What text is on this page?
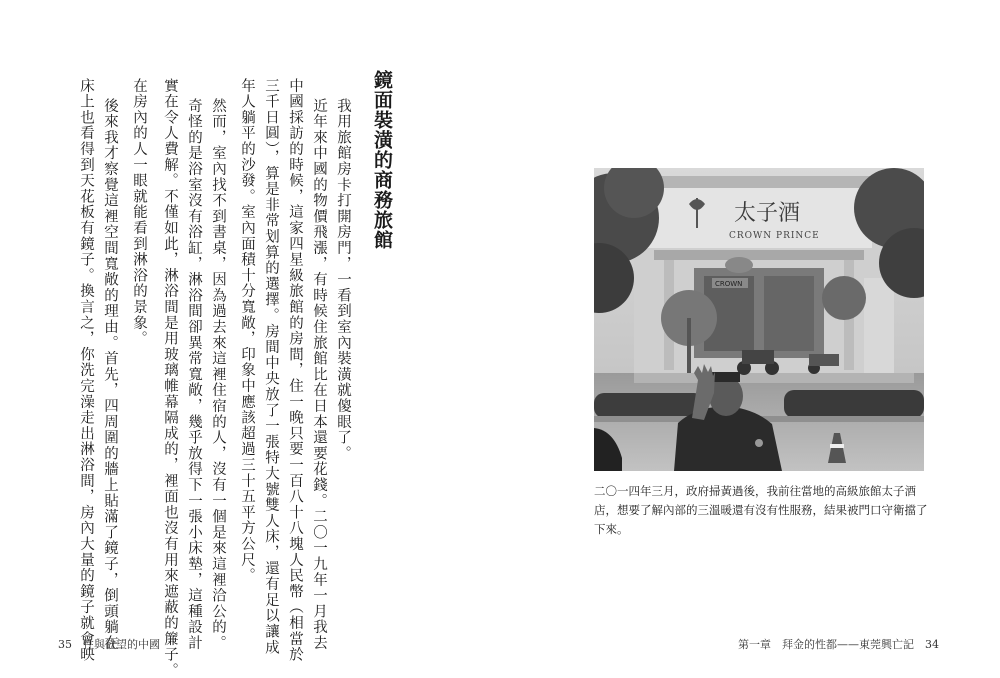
鏡面裝潢的商務旅館
我用旅館房卡打開房門，一看到室內裝潢就傻眼了。
近年來中國的物價飛漲，有時候住旅館比在日本還要花錢。二〇一九年一月我去
中國採訪的時候，這家四星級旅館的房間，住一晚只要一百八十八塊人民幣（相當於
三千日圓），算是非常划算的選擇。房間中央放了一張特大號雙人床，還有足以讓成
年人躺平的沙發。室內面積十分寬敞，印象中應該超過三十五平方公尺。
然而，室內找不到書桌，因為過去來這裡住宿的人，沒有一個是來這裡洽公的。
奇怪的是浴室沒有浴缸，淋浴間卻異常寬敞，幾乎放得下一張小床墊，這種設計
實在令人費解。不僅如此，淋浴間是用玻璃帷幕隔成的，裡面也沒有用來遮蔽的簾子。
在房內的人一眼就能看到淋浴的景象。
後來我才察覺這裡空間寬敞的理由。首先，四周圍的牆上貼滿了鏡子，倒頭躺在
床上也看得到天花板有鏡子。換言之，你洗完澡走出淋浴間，房內大量的鏡子就會映
35　性與欲望的中國
太子酒
CROWN PRINCE
CROWN
二〇一四年三月，政府掃黃過後，我前往當地的高級旅館太子酒店，想要了解內部的三溫暖還有沒有性服務，結果被門口守衛擋了下來。
第一章　拜金的性都——東莞興亡記　34
